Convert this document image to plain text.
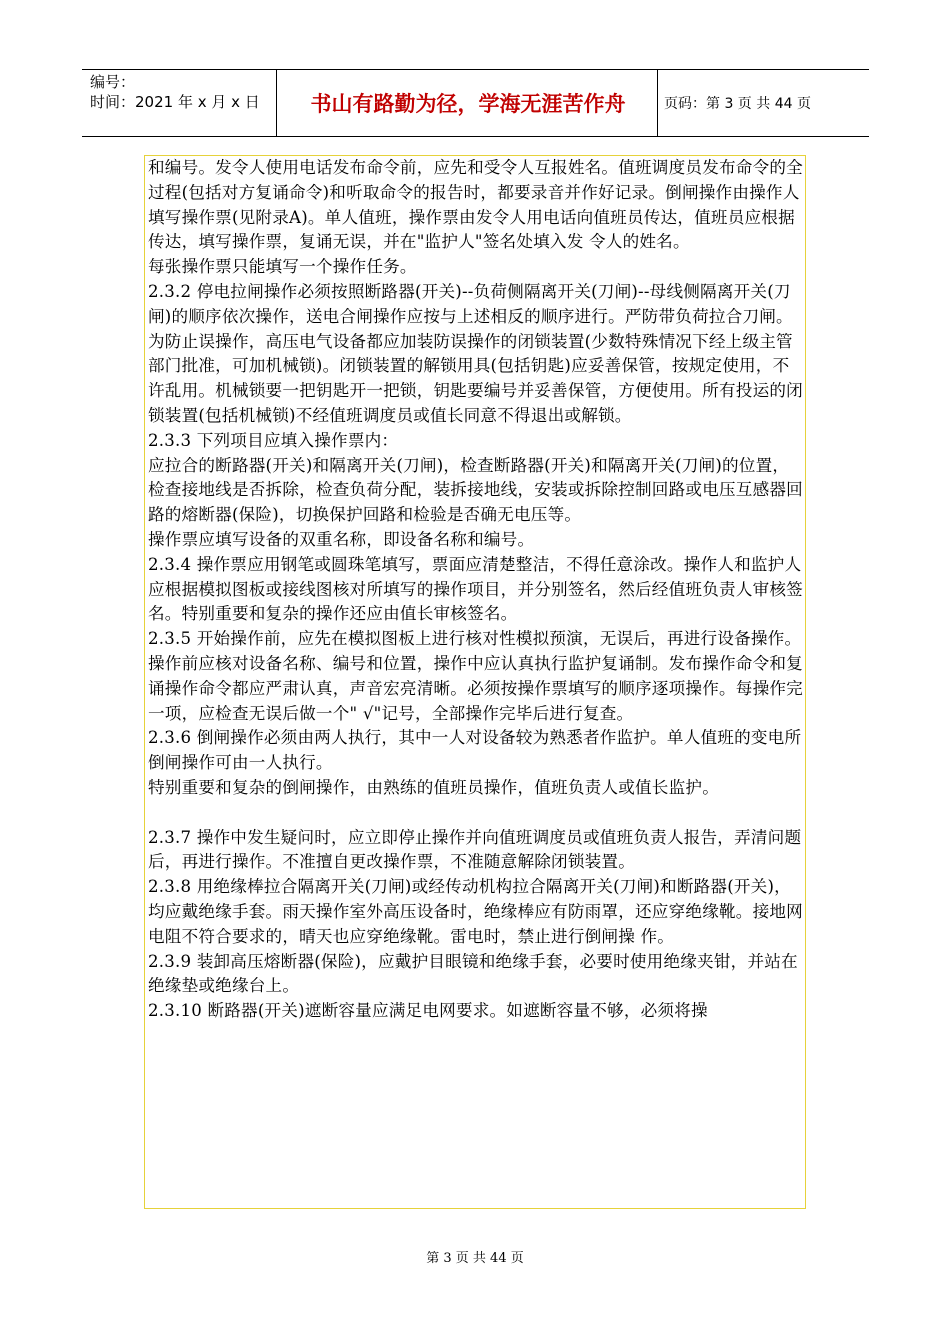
编号：
时间：2021 年 x 月 x 日	书山有路勤为径，学海无涯苦作舟	页码：第 3 页 共 44 页

和编号。发令人使用电话发布命令前，应先和受令人互报姓名。值班调度员发布命令的全过程(包括对方复诵命令)和听取命令的报告时，都要录音并作好记录。倒闸操作由操作人填写操作票(见附录A)。单人值班，操作票由发令人用电话向值班员传达，值班员应根据传达，填写操作票，复诵无误，并在"监护人"签名处填入发 令人的姓名。

每张操作票只能填写一个操作任务。

2.3.2 停电拉闸操作必须按照断路器(开关)--负荷侧隔离开关(刀闸)--母线侧隔离开关(刀闸)的顺序依次操作，送电合闸操作应按与上述相反的顺序进行。严防带负荷拉合刀闸。

为防止误操作，高压电气设备都应加装防误操作的闭锁装置(少数特殊情况下经上级主管部门批准，可加机械锁)。闭锁装置的解锁用具(包括钥匙)应妥善保管，按规定使用，不许乱用。机械锁要一把钥匙开一把锁，钥匙要编号并妥善保管，方便使用。所有投运的闭锁装置(包括机械锁)不经值班调度员或值长同意不得退出或解锁。

2.3.3 下列项目应填入操作票内：

应拉合的断路器(开关)和隔离开关(刀闸)，检查断路器(开关)和隔离开关(刀闸)的位置，检查接地线是否拆除，检查负荷分配，装拆接地线，安装或拆除控制回路或电压互感器回路的熔断器(保险)，切换保护回路和检验是否确无电压等。

操作票应填写设备的双重名称，即设备名称和编号。

2.3.4 操作票应用钢笔或圆珠笔填写，票面应清楚整洁，不得任意涂改。操作人和监护人应根据模拟图板或接线图核对所填写的操作项目，并分别签名，然后经值班负责人审核签名。特别重要和复杂的操作还应由值长审核签名。

2.3.5 开始操作前，应先在模拟图板上进行核对性模拟预演，无误后，再进行设备操作。操作前应核对设备名称、编号和位置，操作中应认真执行监护复诵制。发布操作命令和复诵操作命令都应严肃认真，声音宏亮清晰。必须按操作票填写的顺序逐项操作。每操作完一项，应检查无误后做一个" √"记号，全部操作完毕后进行复查。

2.3.6 倒闸操作必须由两人执行，其中一人对设备较为熟悉者作监护。单人值班的变电所倒闸操作可由一人执行。

特别重要和复杂的倒闸操作，由熟练的值班员操作，值班负责人或值长监护。

2.3.7 操作中发生疑问时，应立即停止操作并向值班调度员或值班负责人报告，弄清问题后，再进行操作。不准擅自更改操作票，不准随意解除闭锁装置。

2.3.8 用绝缘棒拉合隔离开关(刀闸)或经传动机构拉合隔离开关(刀闸)和断路器(开关)，均应戴绝缘手套。雨天操作室外高压设备时，绝缘棒应有防雨罩，还应穿绝缘靴。接地网电阻不符合要求的，晴天也应穿绝缘靴。雷电时，禁止进行倒闸操 作。

2.3.9 装卸高压熔断器(保险)，应戴护目眼镜和绝缘手套，必要时使用绝缘夹钳，并站在绝缘垫或绝缘台上。

2.3.10 断路器(开关)遮断容量应满足电网要求。如遮断容量不够，必须将操

第 3 页 共 44 页
